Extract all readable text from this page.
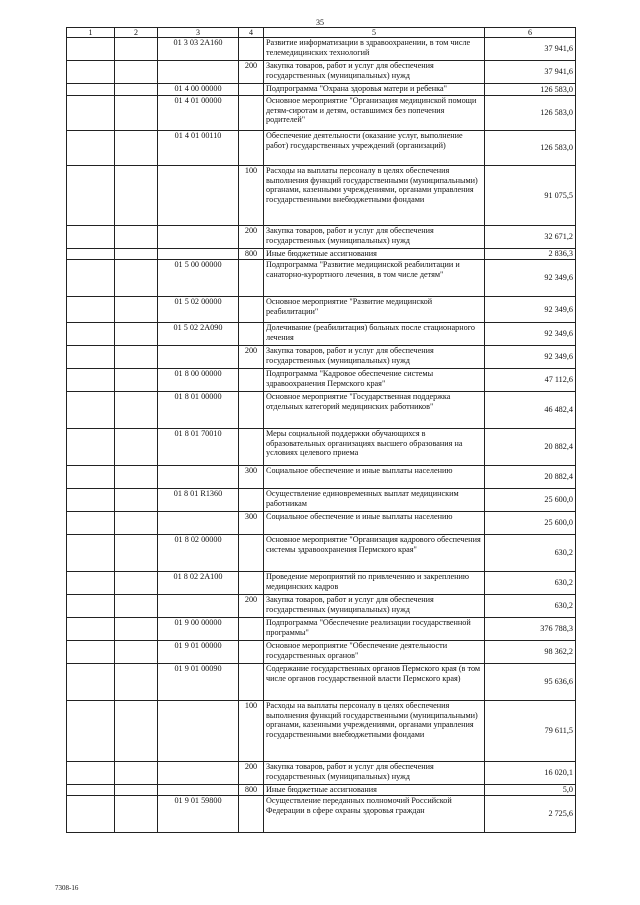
35
1	2	3	4	5	6
		01 3 03 2А160		Развитие информатизации в здравоохранении, в том числе телемедицинских технологий	37 941,6
			200	Закупка товаров, работ и услуг для обеспечения государственных (муниципальных) нужд	37 941,6
		01 4 00 00000		Подпрограмма "Охрана здоровья матери и ребенка"	126 583,0
		01 4 01 00000		Основное мероприятие "Организация медицинской помощи детям-сиротам и детям, оставшимся без попечения родителей"	126 583,0
		01 4 01 00110		Обеспечение деятельности (оказание услуг, выполнение работ) государственных учреждений (организаций)	126 583,0
			100	Расходы на выплаты персоналу в целях обеспечения выполнения функций государственными (муниципальными) органами, казенными учреждениями, органами управления государственными внебюджетными фондами	91 075,5
			200	Закупка товаров, работ и услуг для обеспечения государственных (муниципальных) нужд	32 671,2
			800	Иные бюджетные ассигнования	2 836,3
		01 5 00 00000		Подпрограмма "Развитие медицинской реабилитации и санаторно-курортного лечения, в том числе детям"	92 349,6
		01 5 02 00000		Основное мероприятие "Развитие медицинской реабилитации"	92 349,6
		01 5 02 2А090		Долечивание (реабилитация) больных после стационарного лечения	92 349,6
			200	Закупка товаров, работ и услуг для обеспечения государственных (муниципальных) нужд	92 349,6
		01 8 00 00000		Подпрограмма "Кадровое обеспечение системы здравоохранения Пермского края"	47 112,6
		01 8 01 00000		Основное мероприятие "Государственная поддержка отдельных категорий медицинских работников"	46 482,4
		01 8 01 70010		Меры социальной поддержки обучающихся в образовательных организациях высшего образования на условиях целевого приема	20 882,4
			300	Социальное обеспечение и иные выплаты населению	20 882,4
		01 8 01 R1360		Осуществление единовременных выплат медицинским работникам	25 600,0
			300	Социальное обеспечение и иные выплаты населению	25 600,0
		01 8 02 00000		Основное мероприятие "Организация кадрового обеспечения системы здравоохранения Пермского края"	630,2
		01 8 02 2А100		Проведение мероприятий по привлечению и закреплению медицинских кадров	630,2
			200	Закупка товаров, работ и услуг для обеспечения государственных (муниципальных) нужд	630,2
		01 9 00 00000		Подпрограмма "Обеспечение реализации государственной программы"	376 788,3
		01 9 01 00000		Основное мероприятие "Обеспечение деятельности государственных органов"	98 362,2
		01 9 01 00090		Содержание государственных органов Пермского края (в том числе органов государственной власти Пермского края)	95 636,6
			100	Расходы на выплаты персоналу в целях обеспечения выполнения функций государственными (муниципальными) органами, казенными учреждениями, органами управления государственными внебюджетными фондами	79 611,5
			200	Закупка товаров, работ и услуг для обеспечения государственных (муниципальных) нужд	16 020,1
			800	Иные бюджетные ассигнования	5,0
		01 9 01 59800		Осуществление переданных полномочий Российской Федерации в сфере охраны здоровья граждан	2 725,6
7308-16
